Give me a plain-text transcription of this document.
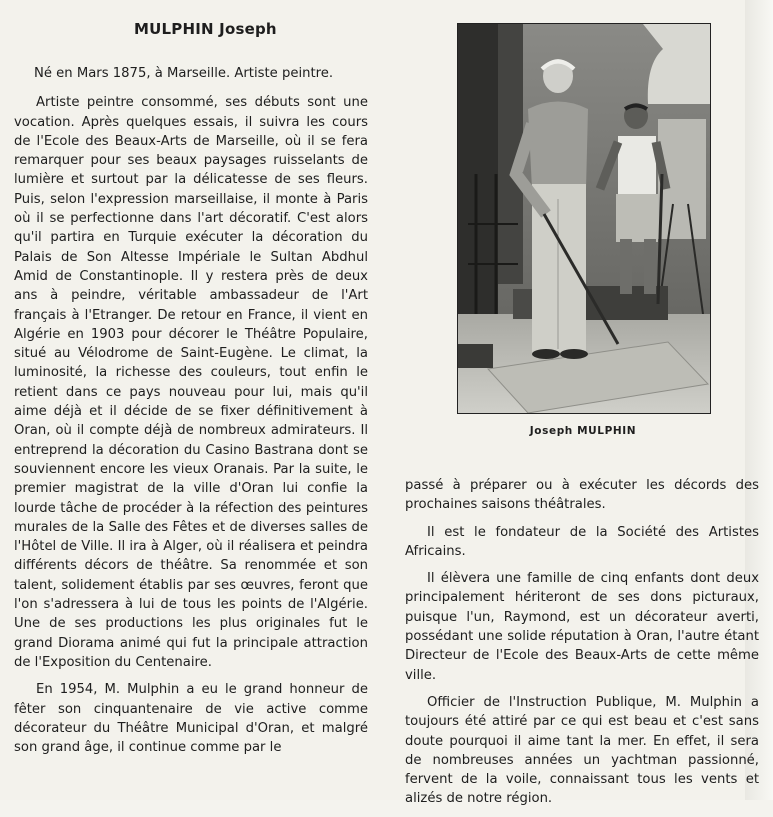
MULPHIN Joseph

Né en Mars 1875, à Marseille. Artiste peintre.

Artiste peintre consommé, ses débuts sont une vocation. Après quelques essais, il suivra les cours de l'Ecole des Beaux-Arts de Marseille, où il se fera remarquer pour ses beaux paysages ruisselants de lumière et surtout par la délicatesse de ses fleurs. Puis, selon l'expression marseillaise, il monte à Paris où il se perfectionne dans l'art décoratif. C'est alors qu'il partira en Turquie exécuter la décoration du Palais de Son Altesse Impériale le Sultan Abdhul Amid de Constantinople. Il y restera près de deux ans à peindre, véritable ambassadeur de l'Art français à l'Etranger. De retour en France, il vient en Algérie en 1903 pour décorer le Théâtre Populaire, situé au Vélodrome de Saint-Eugène. Le climat, la luminosité, la richesse des couleurs, tout enfin le retient dans ce pays nouveau pour lui, mais qu'il aime déjà et il décide de se fixer définitivement à Oran, où il compte déjà de nombreux admirateurs. Il entreprend la décoration du Casino Bastrana dont se souviennent encore les vieux Oranais. Par la suite, le premier magistrat de la ville d'Oran lui confie la lourde tâche de procéder à la réfection des peintures murales de la Salle des Fêtes et de diverses salles de l'Hôtel de Ville. Il ira à Alger, où il réalisera et peindra différents décors de théâtre. Sa renommée et son talent, solidement établis par ses œuvres, feront que l'on s'adressera à lui de tous les points de l'Algérie. Une de ses productions les plus originales fut le grand Diorama animé qui fut la principale attraction de l'Exposition du Centenaire.

En 1954, M. Mulphin a eu le grand honneur de fêter son cinquantenaire de vie active comme décorateur du Théâtre Municipal d'Oran, et malgré son grand âge, il continue comme par le

Joseph MULPHIN

passé à préparer ou à exécuter les décords des prochaines saisons théâtrales.

Il est le fondateur de la Société des Artistes Africains.

Il élèvera une famille de cinq enfants dont deux principalement hériteront de ses dons picturaux, puisque l'un, Raymond, est un décorateur averti, possédant une solide réputation à Oran, l'autre étant Directeur de l'Ecole des Beaux-Arts de cette même ville.

Officier de l'Instruction Publique, M. Mulphin a toujours été attiré par ce qui est beau et c'est sans doute pourquoi il aime tant la mer. En effet, il sera de nombreuses années un yachtman passionné, fervent de la voile, connaissant tous les vents et alizés de notre région.
